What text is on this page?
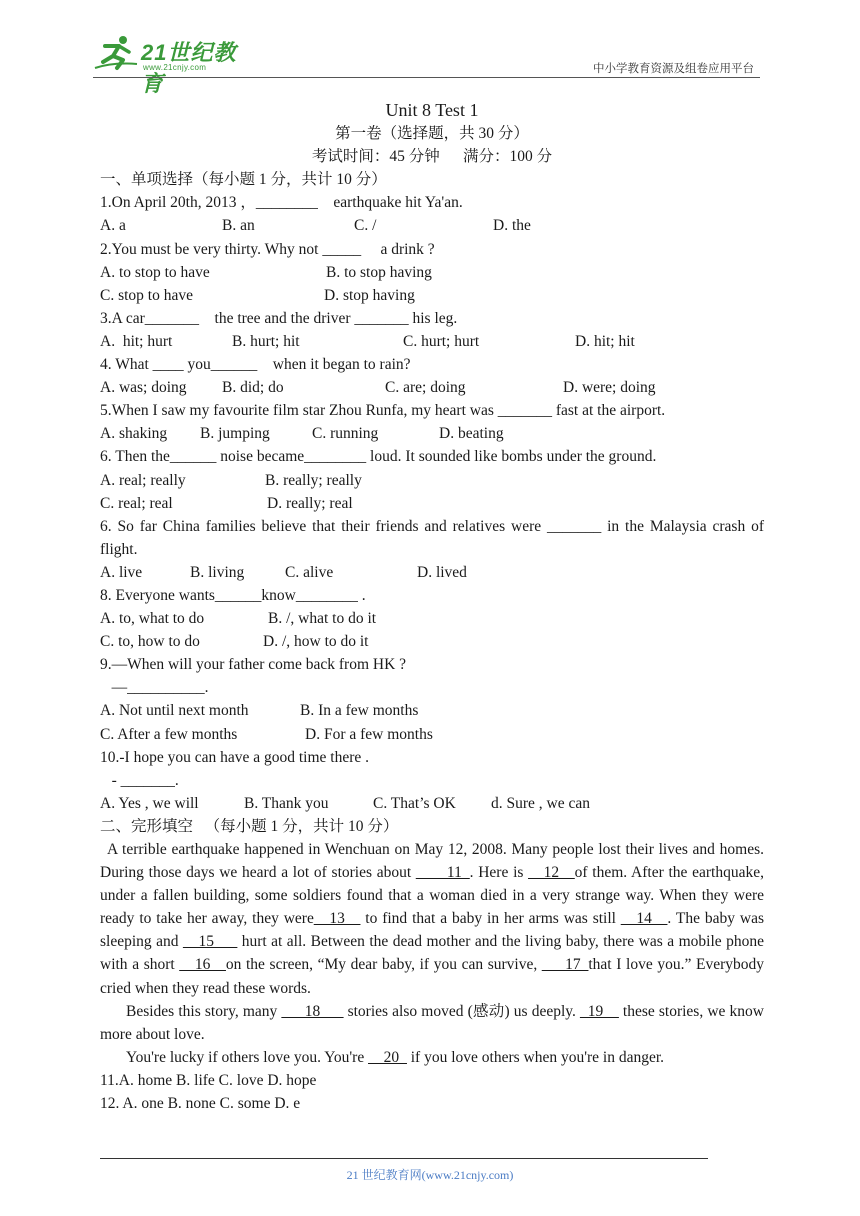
21世纪教育
www.21cnjy.com	中小学教育资源及组卷应用平台
Unit 8 Test 1
第一卷（选择题，共 30 分）
考试时间：45 分钟      满分：100 分
一、单项选择（每小题 1 分，共计 10 分）
1.On April 20th, 2013 ，________    earthquake hit Ya'an.

A. a

	B. an

	C. /

	D. the

2.You must be very thirty. Why not _____     a drink ?

A. to stop to have

	B. to stop having

C. stop to have

	D. stop having

3.A car_______    the tree and the driver _______ his leg.

A.  hit; hurt

	B. hurt; hit

	C. hurt; hurt

	D. hit; hit

4. What ____ you______    when it began to rain?

A. was; doing

B. did; do

	C. are; doing

	D. were; doing

5.When I saw my favourite film star Zhou Runfa, my heart was _______ fast at the airport.

A. shaking

B. jumping

	C. running

	D. beating

6. Then the______ noise became________ loud. It sounded like bombs under the ground.

A. real; really

	B. really; really

C. real; real

	D. really; real

6. So far China families believe that their friends and relatives were _______ in the Malaysia crash of flight.

A. live

	B. living

	C. alive

	D. lived

8. Everyone wants______know________ .

A. to, what to do

	B. /, what to do it

C. to, how to do

	D. /, how to do it

9.—When will your father come back from HK ?
—__________.

A. Not until next month

	B. In a few months

C. After a few months

	D. For a few months

10.-I hope you can have a good time there .
- _______.

A. Yes , we will

	B. Thank you

	C. That’s OK

d. Sure , we can

二、完形填空   （每小题 1 分，共计 10 分）
A terrible earthquake happened in Wenchuan on May 12, 2008. Many people lost their lives and homes. During those days we heard a lot of stories about ____11_. Here is __12__of them. After the earthquake, under a fallen building, some soldiers found that a woman died in a very strange way. When they were ready to take her away, they were__13__ to find that a baby in her arms was still __14__. The baby was sleeping and __15___ hurt at all. Between the dead mother and the living baby, there was a mobile phone with a short __16__on the screen, “My dear baby, if you can survive, ___17_that I love you.” Everybody cried when they read these words.
Besides this story, many ___18___ stories also moved (感动) us deeply. _19__ these stories, we know more about love.
You're lucky if others love you. You're __20_ if you love others when you're in danger.
11.A. home B. life C. love D. hope
12. A. one B. none C. some D. e
21 世纪教育网(www.21cnjy.com)
